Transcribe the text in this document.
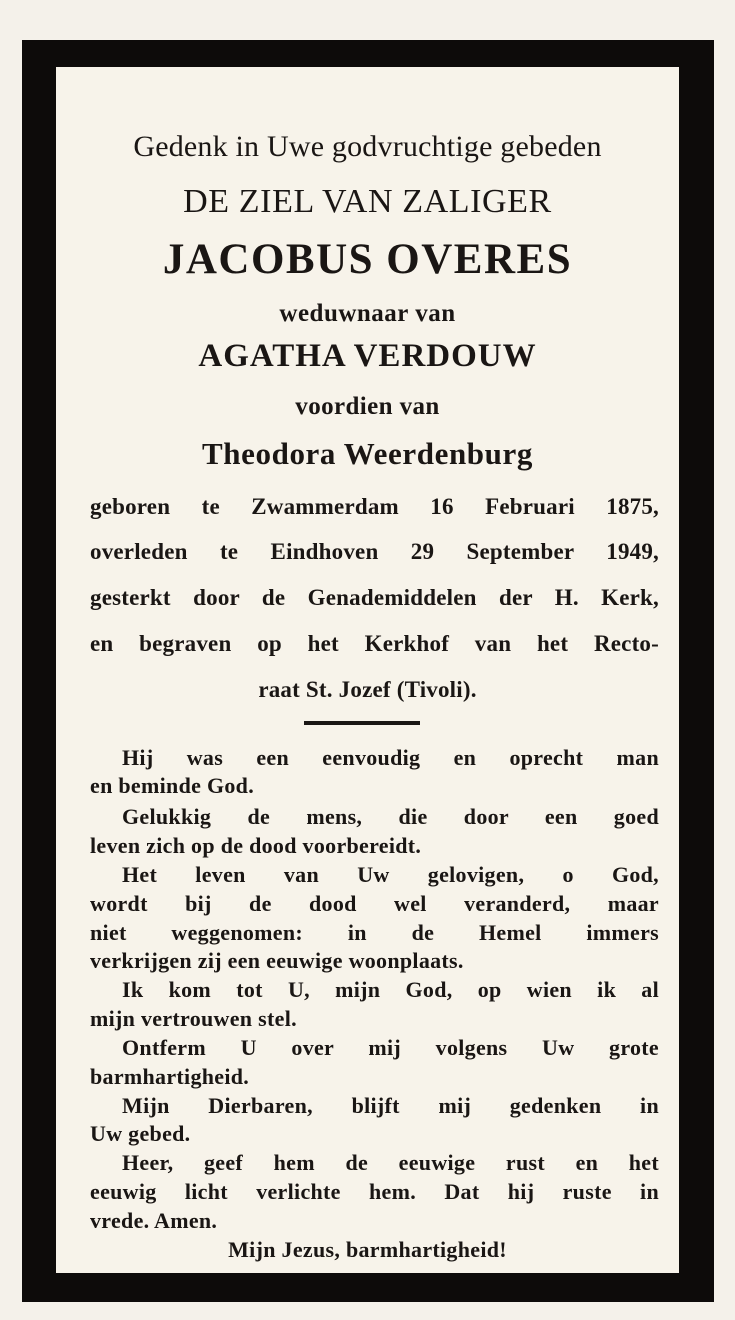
Gedenk in Uwe godvruchtige gebeden
DE ZIEL VAN ZALIGER
JACOBUS OVERES
weduwnaar van
AGATHA VERDOUW
voordien van
Theodora Weerdenburg
geboren te Zwammerdam 16 Februari 1875,
overleden te Eindhoven 29 September 1949,
gesterkt door de Genademiddelen der H. Kerk,
en begraven op het Kerkhof van het Recto-
raat St. Jozef (Tivoli).
Hij was een eenvoudig en oprecht man
en beminde God.
Gelukkig de mens, die door een goed
leven zich op de dood voorbereidt.
Het leven van Uw gelovigen, o God,
wordt bij de dood wel veranderd, maar
niet weggenomen: in de Hemel immers
verkrijgen zij een eeuwige woonplaats.
Ik kom tot U, mijn God, op wien ik al
mijn vertrouwen stel.
Ontferm U over mij volgens Uw grote
barmhartigheid.
Mijn Dierbaren, blijft mij gedenken in
Uw gebed.
Heer, geef hem de eeuwige rust en het
eeuwig licht verlichte hem. Dat hij ruste in
vrede. Amen.
Mijn Jezus, barmhartigheid!
